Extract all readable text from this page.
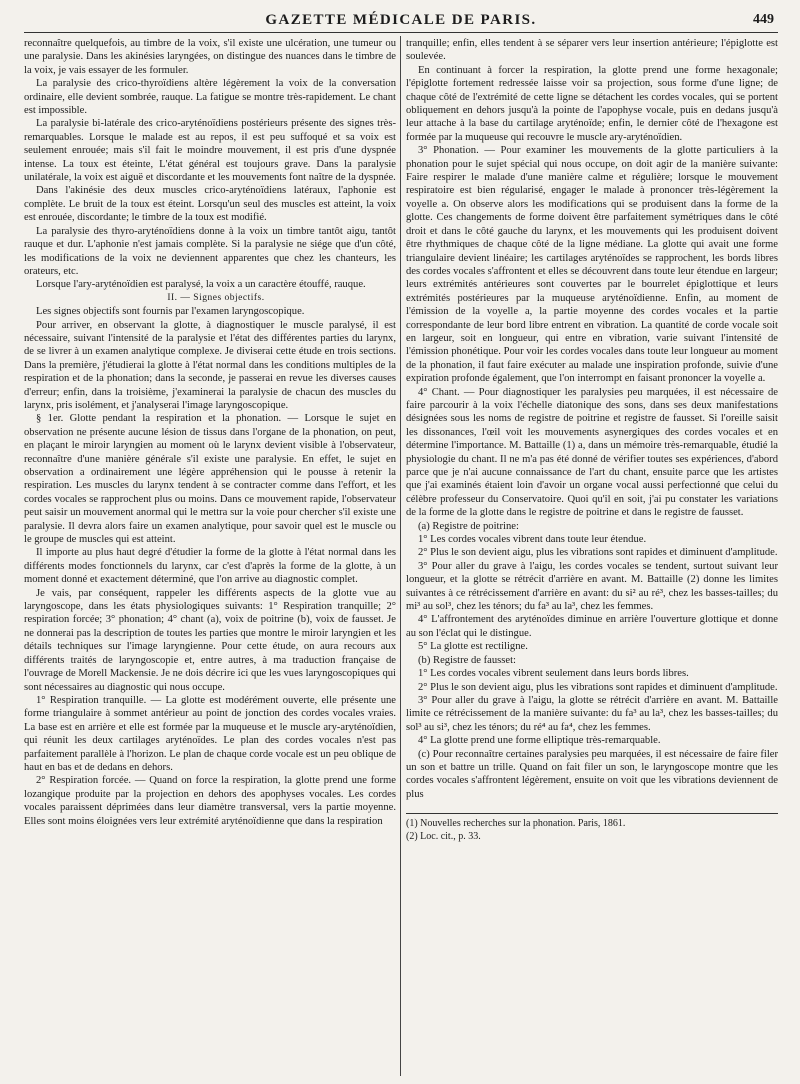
GAZETTE MÉDICALE DE PARIS.	449

reconnaître quelquefois, au timbre de la voix, s'il existe une ulcération, une tumeur ou une paralysie. Dans les akinésies laryngées, on distingue des nuances dans le timbre de la voix, je vais essayer de les formuler.

La paralysie des crico-thyroïdiens altère légèrement la voix de la conversation ordinaire, elle devient sombrée, rauque. La fatigue se montre très-rapidement. Le chant est impossible.

La paralysie bi-latérale des crico-aryténoïdiens postérieurs présente des signes très-remarquables. Lorsque le malade est au repos, il est peu suffoqué et sa voix est seulement enrouée; mais s'il fait le moindre mouvement, il est pris d'une dyspnée intense. La toux est éteinte, L'état général est toujours grave. Dans la paralysie unilatérale, la voix est aiguë et discordante et les mouvements font naître de la dyspnée.

Dans l'akinésie des deux muscles crico-aryténoïdiens latéraux, l'aphonie est complète. Le bruit de la toux est éteint. Lorsqu'un seul des muscles est atteint, la voix est enrouée, discordante; le timbre de la toux est modifié.

La paralysie des thyro-aryténoïdiens donne à la voix un timbre tantôt aigu, tantôt rauque et dur. L'aphonie n'est jamais complète. Si la paralysie ne siége que d'un côté, les modifications de la voix ne deviennent apparentes que chez les chanteurs, les orateurs, etc.

Lorsque l'ary-aryténoïdien est paralysé, la voix a un caractère étouffé, rauque.

II. — Signes objectifs.

Les signes objectifs sont fournis par l'examen laryngoscopique.

Pour arriver, en observant la glotte, à diagnostiquer le muscle paralysé, il est nécessaire, suivant l'intensité de la paralysie et l'état des différentes parties du larynx, de se livrer à un examen analytique complexe. Je diviserai cette étude en trois sections. Dans la première, j'étudierai la glotte à l'état normal dans les conditions multiples de la respiration et de la phonation; dans la seconde, je passerai en revue les diverses causes d'erreur; enfin, dans la troisième, j'examinerai la paralysie de chacun des muscles du larynx, pris isolément, et j'analyserai l'image laryngoscopique.

§ 1er. Glotte pendant la respiration et la phonation. — Lorsque le sujet en observation ne présente aucune lésion de tissus dans l'organe de la phonation, on peut, en plaçant le miroir laryngien au moment où le larynx devient visible à l'observateur, reconnaître d'une manière générale s'il existe une paralysie. En effet, le sujet en observation a ordinairement une légère appréhension qui le pousse à retenir la respiration. Les muscles du larynx tendent à se contracter comme dans l'effort, et les cordes vocales se rapprochent plus ou moins. Dans ce mouvement rapide, l'observateur peut saisir un mouvement anormal qui le mettra sur la voie pour chercher s'il existe une paralysie. Il devra alors faire un examen analytique, pour savoir quel est le muscle ou le groupe de muscles qui est atteint.

Il importe au plus haut degré d'étudier la forme de la glotte à l'état normal dans les différents modes fonctionnels du larynx, car c'est d'après la forme de la glotte, à un moment donné et exactement déterminé, que l'on arrive au diagnostic complet.

Je vais, par conséquent, rappeler les différents aspects de la glotte vue au laryngoscope, dans les états physiologiques suivants: 1° Respiration tranquille; 2° respiration forcée; 3° phonation; 4° chant (a), voix de poitrine (b), voix de fausset. Je ne donnerai pas la description de toutes les parties que montre le miroir laryngien et les détails techniques sur l'image laryngienne. Pour cette étude, on aura recours aux différents traités de laryngoscopie et, entre autres, à ma traduction française de l'ouvrage de Morell Mackensie. Je ne dois décrire ici que les vues laryngoscopiques qui sont nécessaires au diagnostic qui nous occupe.

1° Respiration tranquille. — La glotte est modérément ouverte, elle présente une forme triangulaire à sommet antérieur au point de jonction des cordes vocales vraies. La base est en arrière et elle est formée par la muqueuse et le muscle ary-aryténoïdien, qui réunit les deux cartilages aryténoïdes. Le plan des cordes vocales n'est pas parfaitement parallèle à l'horizon. Le plan de chaque corde vocale est un peu oblique de haut en bas et de dedans en dehors.

2° Respiration forcée. — Quand on force la respiration, la glotte prend une forme lozangique produite par la projection en dehors des apophyses vocales. Les cordes vocales paraissent déprimées dans leur diamètre transversal, vers la partie moyenne. Elles sont moins éloignées vers leur extrémité aryténoïdienne que dans la respiration

tranquille; enfin, elles tendent à se séparer vers leur insertion antérieure; l'épiglotte est soulevée.

En continuant à forcer la respiration, la glotte prend une forme hexagonale; l'épiglotte fortement redressée laisse voir sa projection, sous forme d'une ligne; de chaque côté de l'extrémité de cette ligne se détachent les cordes vocales, qui se portent obliquement en dehors jusqu'à la pointe de l'apophyse vocale, puis en dedans jusqu'à leur attache à la base du cartilage aryténoïde; enfin, le dernier côté de l'hexagone est formée par la muqueuse qui recouvre le muscle ary-aryténoïdien.

3° Phonation. — Pour examiner les mouvements de la glotte particuliers à la phonation pour le sujet spécial qui nous occupe, on doit agir de la manière suivante: Faire respirer le malade d'une manière calme et régulière; lorsque le mouvement respiratoire est bien régularisé, engager le malade à prononcer très-légèrement la voyelle a. On observe alors les modifications qui se produisent dans la forme de la glotte. Ces changements de forme doivent être parfaitement symétriques dans le côté droit et dans le côté gauche du larynx, et les mouvements qui les produisent doivent être rhythmiques de chaque côté de la ligne médiane. La glotte qui avait une forme triangulaire devient linéaire; les cartilages aryténoïdes se rapprochent, les bords libres des cordes vocales s'affrontent et elles se découvrent dans toute leur étendue en largeur; leurs extrémités antérieures sont couvertes par le bourrelet épiglottique et leurs extrémités postérieures par la muqueuse aryténoïdienne. Enfin, au moment de l'émission de la voyelle a, la partie moyenne des cordes vocales et la partie correspondante de leur bord libre entrent en vibration. La quantité de corde vocale soit en largeur, soit en longueur, qui entre en vibration, varie suivant l'intensité de l'émission phonétique. Pour voir les cordes vocales dans toute leur longueur au moment de la phonation, il faut faire exécuter au malade une inspiration profonde, suivie d'une expiration profonde également, que l'on interrompt en faisant prononcer la voyelle a.

4° Chant. — Pour diagnostiquer les paralysies peu marquées, il est nécessaire de faire parcourir à la voix l'échelle diatonique des sons, dans ses deux manifestations désignées sous les noms de registre de poitrine et registre de fausset. Si l'oreille saisit les dissonances, l'œil voit les mouvements asynergiques des cordes vocales et en détermine l'importance. M. Battaille (1) a, dans un mémoire très-remarquable, étudié la physiologie du chant. Il ne m'a pas été donné de vérifier toutes ses expériences, d'abord parce que je n'ai aucune connaissance de l'art du chant, ensuite parce que les artistes que j'ai examinés étaient loin d'avoir un organe vocal aussi perfectionné que celui du célèbre professeur du Conservatoire. Quoi qu'il en soit, j'ai pu constater les variations de la forme de la glotte dans le registre de poitrine et dans le registre de fausset.

(a) Registre de poitrine:

1° Les cordes vocales vibrent dans toute leur étendue.

2° Plus le son devient aigu, plus les vibrations sont rapides et diminuent d'amplitude.

3° Pour aller du grave à l'aigu, les cordes vocales se tendent, surtout suivant leur longueur, et la glotte se rétrécit d'arrière en avant. M. Battaille (2) donne les limites suivantes à ce rétrécissement d'arrière en avant: du si² au ré³, chez les basses-tailles; du mi³ au sol³, chez les ténors; du fa³ au la³, chez les femmes.

4° L'affrontement des aryténoïdes diminue en arrière l'ouverture glottique et donne au son l'éclat qui le distingue.

5° La glotte est rectiligne.

(b) Registre de fausset:

1° Les cordes vocales vibrent seulement dans leurs bords libres.

2° Plus le son devient aigu, plus les vibrations sont rapides et diminuent d'amplitude.

3° Pour aller du grave à l'aigu, la glotte se rétrécit d'arrière en avant. M. Battaille limite ce rétrécissement de la manière suivante: du fa³ au la³, chez les basses-tailles; du sol³ au si³, chez les ténors; du ré⁴ au fa⁴, chez les femmes.

4° La glotte prend une forme elliptique très-remarquable.

(c) Pour reconnaître certaines paralysies peu marquées, il est nécessaire de faire filer un son et battre un trille. Quand on fait filer un son, le laryngoscope montre que les cordes vocales s'affrontent légèrement, ensuite on voit que les vibrations deviennent de plus

(1) Nouvelles recherches sur la phonation. Paris, 1861.

(2) Loc. cit., p. 33.
